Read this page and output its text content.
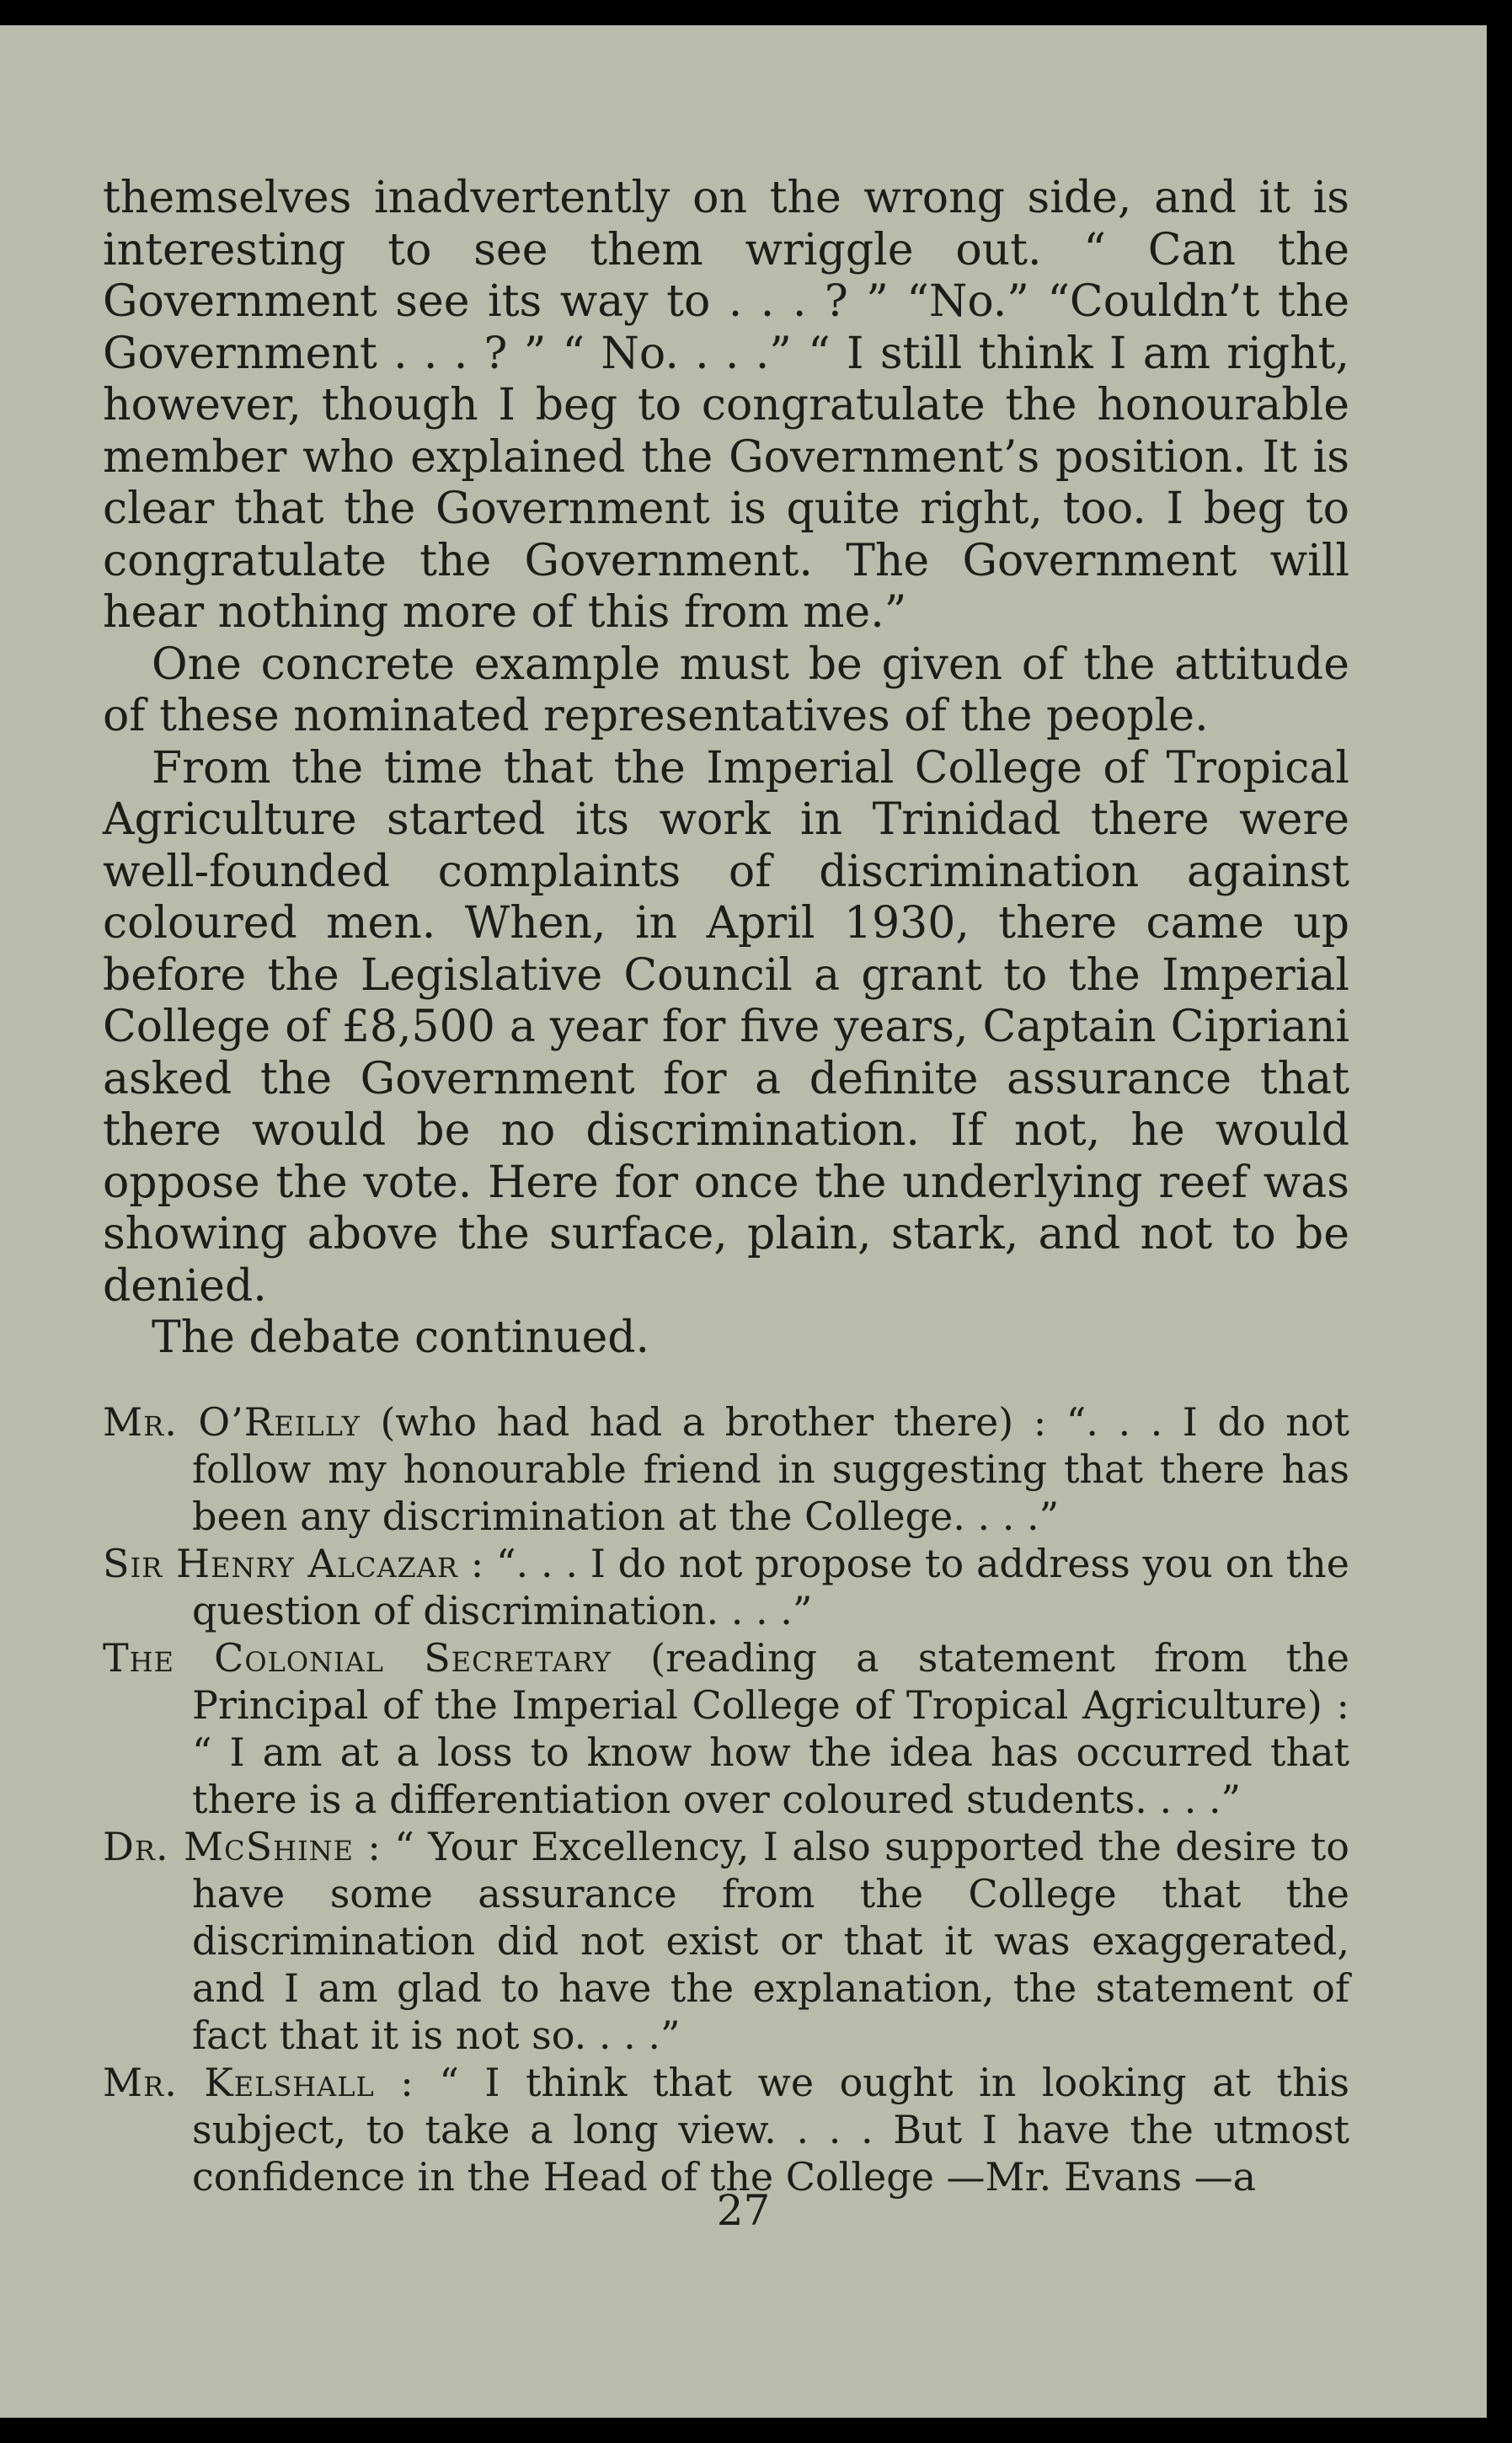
themselves inadvertently on the wrong side, and it is interesting to see them wriggle out. “ Can the Government see its way to . . . ? ” “No.” “Couldn’t the Government . . . ? ” “ No. . . .” “ I still think I am right, however, though I beg to congratulate the honourable member who explained the Government’s position. It is clear that the Government is quite right, too. I beg to congratulate the Government. The Government will hear nothing more of this from me.”

One concrete example must be given of the attitude of these nominated representatives of the people.

From the time that the Imperial College of Tropical Agriculture started its work in Trinidad there were well-founded complaints of discrimination against coloured men. When, in April 1930, there came up before the Legislative Council a grant to the Imperial College of £8,500 a year for five years, Captain Cipriani asked the Government for a definite assurance that there would be no discrimination. If not, he would oppose the vote. Here for once the underlying reef was showing above the surface, plain, stark, and not to be denied.

The debate continued.

Mr. O’Reilly (who had had a brother there) : “. . . I do not follow my honourable friend in suggesting that there has been any discrimination at the College. . . .”

Sir Henry Alcazar : “. . . I do not propose to address you on the question of discrimination. . . .”

The Colonial Secretary (reading a statement from the Principal of the Imperial College of Tropical Agriculture) : “ I am at a loss to know how the idea has occurred that there is a differentiation over coloured students. . . .”

Dr. McShine : “ Your Excellency, I also supported the desire to have some assurance from the College that the discrimination did not exist or that it was exaggerated, and I am glad to have the explanation, the statement of fact that it is not so. . . .”

Mr. Kelshall : “ I think that we ought in looking at this subject, to take a long view. . . . But I have the utmost confidence in the Head of the College —Mr. Evans —a

27
